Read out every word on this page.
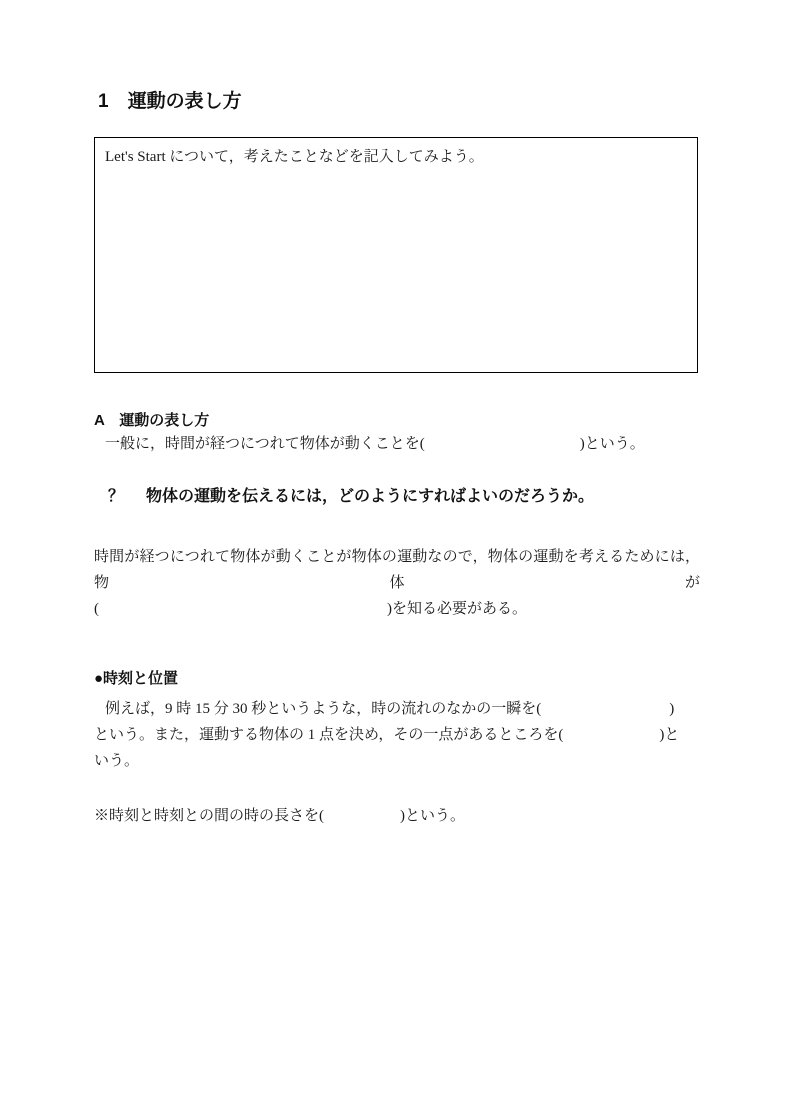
1　運動の表し方
Let's Start について，考えたことなどを記入してみよう。
A　運動の表し方
一般に，時間が経つにつれて物体が動くことを(	)という。
？ 物体の運動を伝えるには，どのようにすればよいのだろうか。
時間が経つにつれて物体が動くことが物体の運動なので，物体の運動を考えるためには，物体が
(	)を知る必要がある。
●時刻と位置
例えば，9 時 15 分 30 秒というような，時の流れのなかの一瞬を(	)
という。また，運動する物体の 1 点を決め，その一点があるところを(	)と
いう。
※時刻と時刻との間の時の長さを(	)という。
